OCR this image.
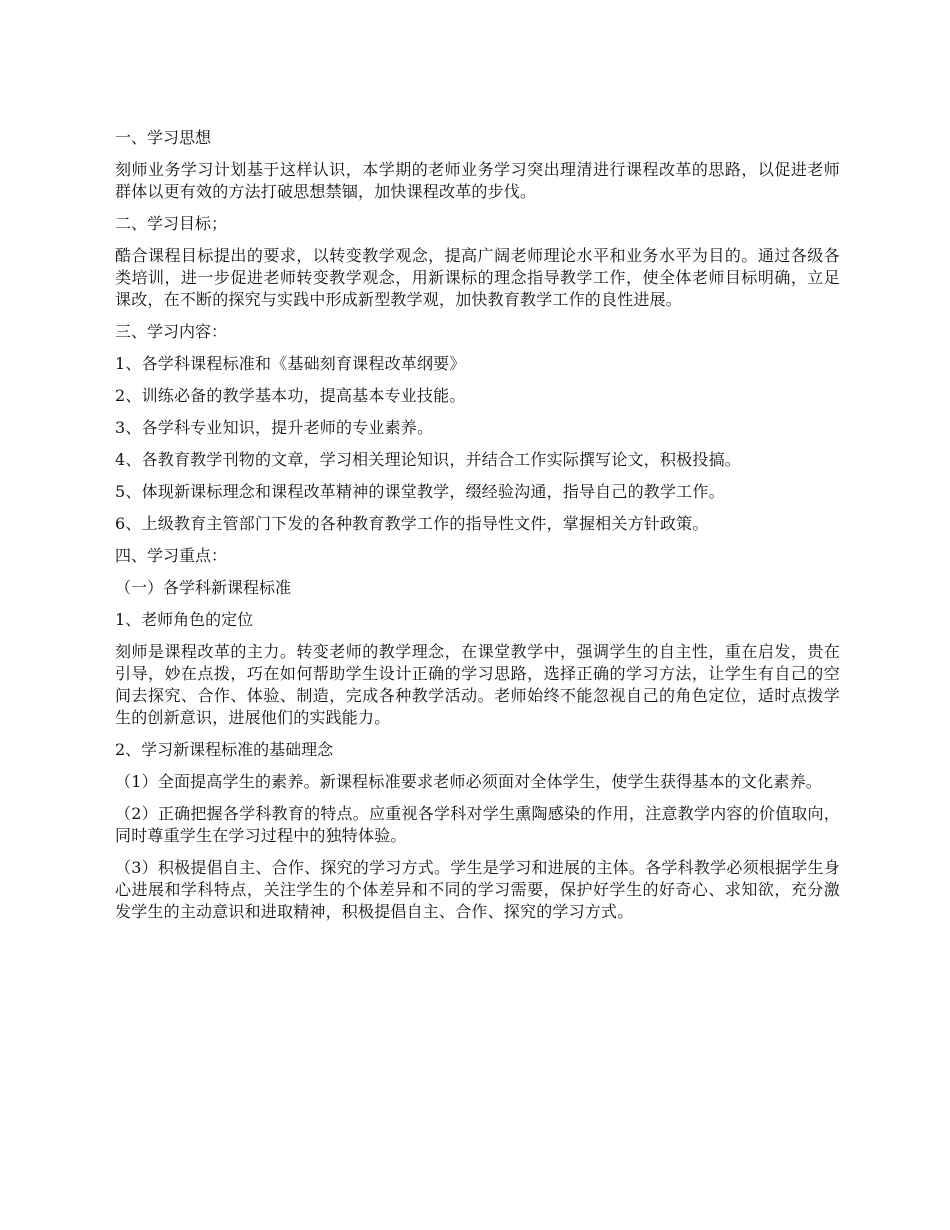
一、学习思想

刻师业务学习计划基于这样认识，本学期的老师业务学习突出理清进行课程改革的思路，以促进老师群体以更有效的方法打破思想禁锢，加快课程改革的步伐。

二、学习目标；

酷合课程目标提出的要求，以转变教学观念，提高广阔老师理论水平和业务水平为目的。通过各级各类培训，进一步促进老师转变教学观念，用新课标的理念指导教学工作，使全体老师目标明确，立足课改，在不断的探究与实践中形成新型教学观，加快教育教学工作的良性进展。

三、学习内容：

1、各学科课程标准和《基础刻育课程改革纲要》

2、训练必备的教学基本功，提高基本专业技能。

3、各学科专业知识，提升老师的专业素养。

4、各教育教学刊物的文章，学习相关理论知识，并结合工作实际撰写论文，积极投搞。

5、体现新课标理念和课程改革精神的课堂教学，缀经验沟通，指导自己的教学工作。

6、上级教育主管部门下发的各种教育教学工作的指导性文件，掌握相关方针政策。

四、学习重点：

（一）各学科新课程标准

1、老师角色的定位

刻师是课程改革的主力。转变老师的教学理念，在课堂教学中，强调学生的自主性，重在启发，贵在引导，妙在点拨，巧在如何帮助学生设计正确的学习思路，选择正确的学习方法，让学生有自己的空间去探究、合作、体验、制造，完成各种教学活动。老师始终不能忽视自己的角色定位，适时点拨学生的创新意识，进展他们的实践能力。

2、学习新课程标准的基础理念

（1）全面提高学生的素养。新课程标准要求老师必须面对全体学生，使学生获得基本的文化素养。

（2）正确把握各学科教育的特点。应重视各学科对学生熏陶感染的作用，注意教学内容的价值取向，同时尊重学生在学习过程中的独特体验。

（3）积极提倡自主、合作、探究的学习方式。学生是学习和进展的主体。各学科教学必须根据学生身心进展和学科特点，关注学生的个体差异和不同的学习需要，保护好学生的好奇心、求知欲，充分激发学生的主动意识和进取精神，积极提倡自主、合作、探究的学习方式。
